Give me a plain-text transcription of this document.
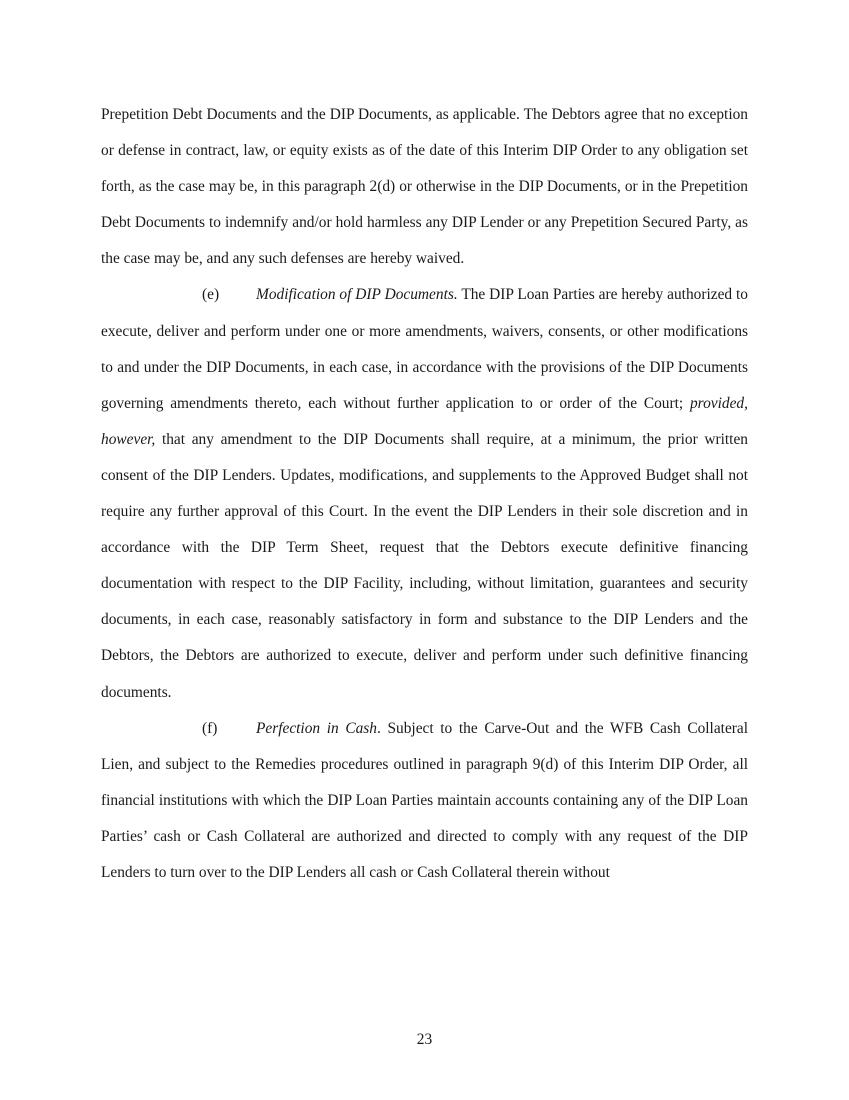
Prepetition Debt Documents and the DIP Documents, as applicable. The Debtors agree that no exception or defense in contract, law, or equity exists as of the date of this Interim DIP Order to any obligation set forth, as the case may be, in this paragraph 2(d) or otherwise in the DIP Documents, or in the Prepetition Debt Documents to indemnify and/or hold harmless any DIP Lender or any Prepetition Secured Party, as the case may be, and any such defenses are hereby waived.

(e) Modification of DIP Documents. The DIP Loan Parties are hereby authorized to execute, deliver and perform under one or more amendments, waivers, consents, or other modifications to and under the DIP Documents, in each case, in accordance with the provisions of the DIP Documents governing amendments thereto, each without further application to or order of the Court; provided, however, that any amendment to the DIP Documents shall require, at a minimum, the prior written consent of the DIP Lenders. Updates, modifications, and supplements to the Approved Budget shall not require any further approval of this Court. In the event the DIP Lenders in their sole discretion and in accordance with the DIP Term Sheet, request that the Debtors execute definitive financing documentation with respect to the DIP Facility, including, without limitation, guarantees and security documents, in each case, reasonably satisfactory in form and substance to the DIP Lenders and the Debtors, the Debtors are authorized to execute, deliver and perform under such definitive financing documents.

(f)	Perfection in Cash. Subject to the Carve-Out and the WFB Cash Collateral Lien, and subject to the Remedies procedures outlined in paragraph 9(d) of this Interim DIP Order, all financial institutions with which the DIP Loan Parties maintain accounts containing any of the DIP Loan Parties’ cash or Cash Collateral are authorized and directed to comply with any request of the DIP Lenders to turn over to the DIP Lenders all cash or Cash Collateral therein without

23
